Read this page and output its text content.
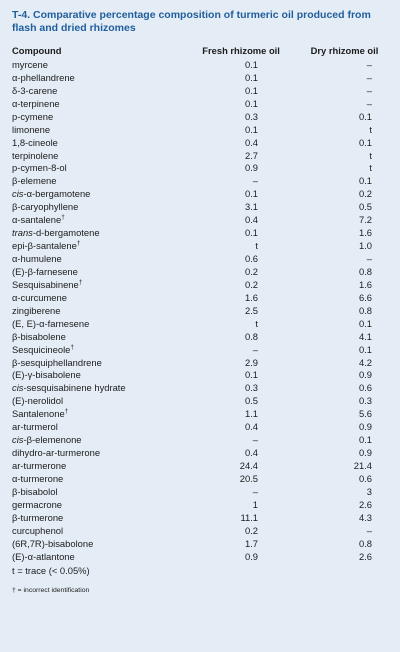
T-4. Comparative percentage composition of turmeric oil produced from flash and dried rhizomes
Compound	Fresh rhizome oil	Dry rhizome oil
myrcene	0.1	–
α-phellandrene	0.1	–
δ-3-carene	0.1	–
α-terpinene	0.1	–
p-cymene	0.3	0.1
limonene	0.1	t
1,8-cineole	0.4	0.1
terpinolene	2.7	t
p-cymen-8-ol	0.9	t
β-elemene	–	0.1
cis-α-bergamotene	0.1	0.2
β-caryophyllene	3.1	0.5
α-santalene†	0.4	7.2
trans-d-bergamotene	0.1	1.6
epi-β-santalene†	t	1.0
α-humulene	0.6	–
(E)-β-farnesene	0.2	0.8
Sesquisabinene†	0.2	1.6
α-curcumene	1.6	6.6
zingiberene	2.5	0.8
(E, E)-α-farnesene	t	0.1
β-bisabolene	0.8	4.1
Sesquicineole†	–	0.1
β-sesquiphellandrene	2.9	4.2
(E)-γ-bisabolene	0.1	0.9
cis-sesquisabinene hydrate	0.3	0.6
(E)-nerolidol	0.5	0.3
Santalenone†	1.1	5.6
ar-turmerol	0.4	0.9
cis-β-elemenone	–	0.1
dihydro-ar-turmerone	0.4	0.9
ar-turmerone	24.4	21.4
α-turmerone	20.5	0.6
β-bisabolol	–	3
germacrone	1	2.6
β-turmerone	11.1	4.3
curcuphenol	0.2	–
(6R,7R)-bisabolone	1.7	0.8
(E)-α-atlantone	0.9	2.6
t = trace (< 0.05%)
† = incorrect identification
